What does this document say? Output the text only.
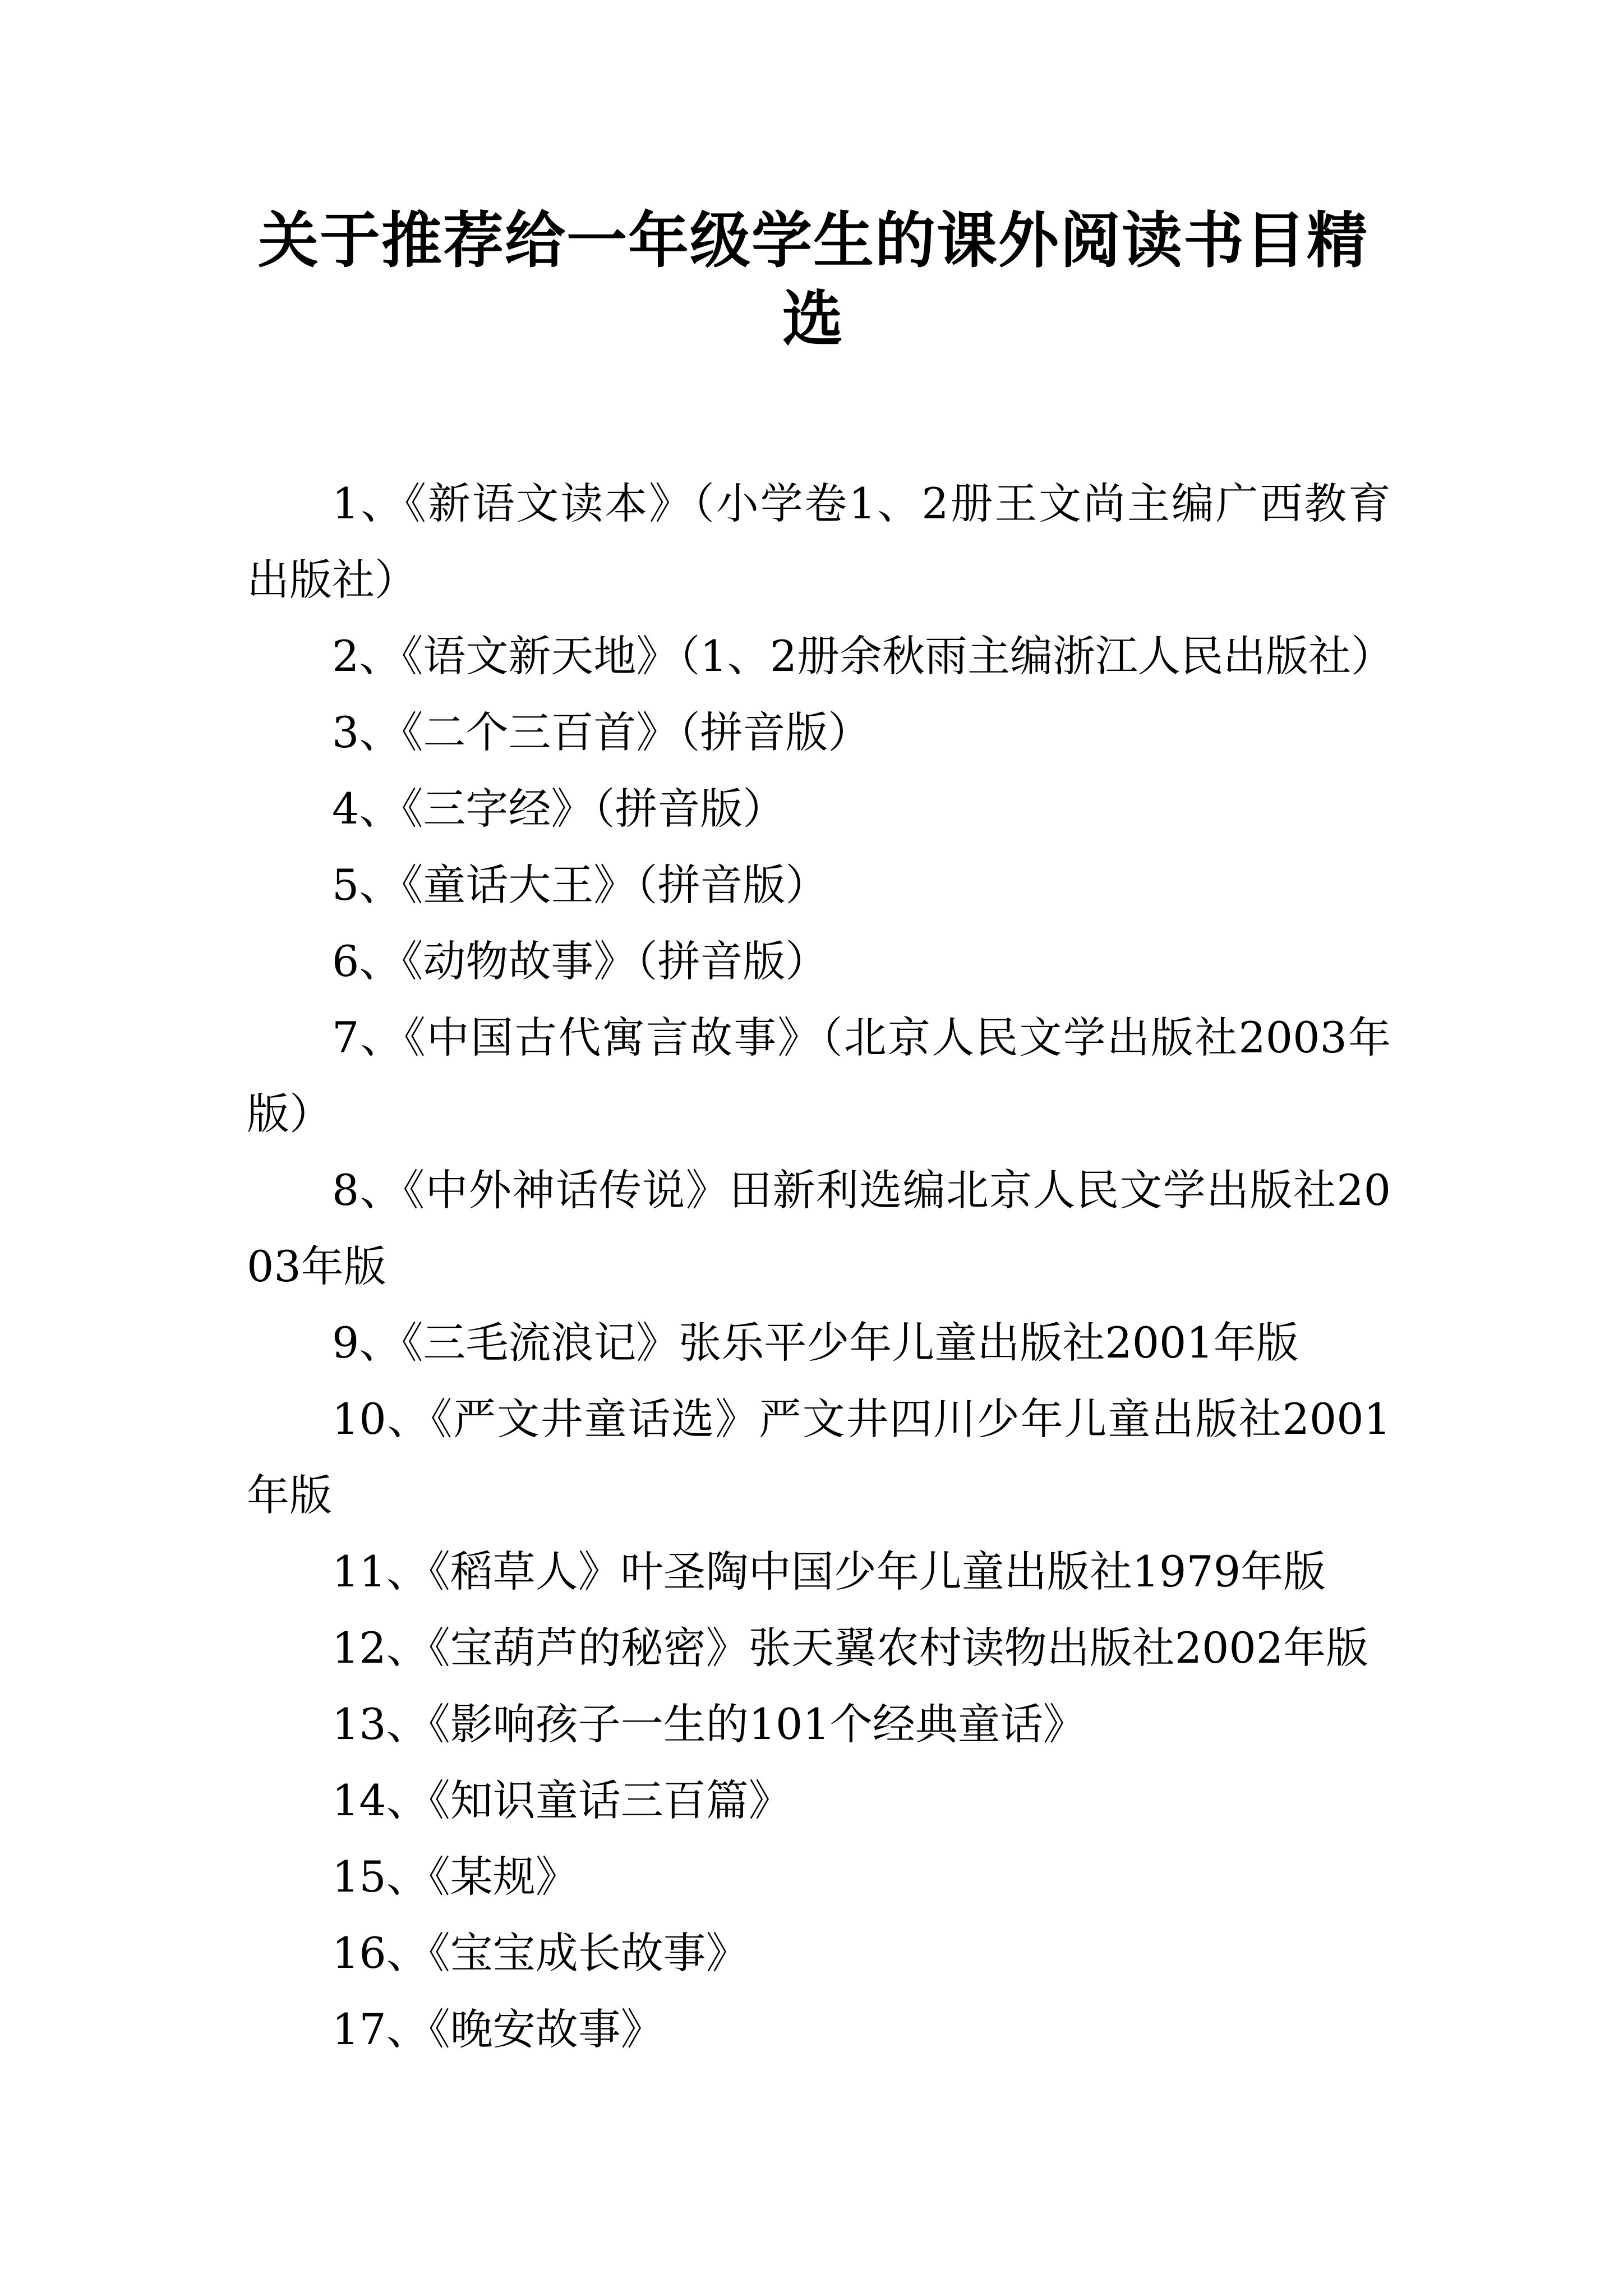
关于推荐给一年级学生的课外阅读书目精选

1、《新语文读本》（小学卷1、2册王文尚主编广西教育出版社）

2、《语文新天地》（1、2册余秋雨主编浙江人民出版社）

3、《二个三百首》（拼音版）

4、《三字经》（拼音版）

5、《童话大王》（拼音版）

6、《动物故事》（拼音版）

7、《中国古代寓言故事》（北京人民文学出版社2003年版）

8、《中外神话传说》田新利选编北京人民文学出版社2003年版

9、《三毛流浪记》张乐平少年儿童出版社2001年版

10、《严文井童话选》严文井四川少年儿童出版社2001年版

11、《稻草人》叶圣陶中国少年儿童出版社1979年版

12、《宝葫芦的秘密》张天翼农村读物出版社2002年版

13、《影响孩子一生的101个经典童话》

14、《知识童话三百篇》

15、《某规》

16、《宝宝成长故事》

17、《晚安故事》
